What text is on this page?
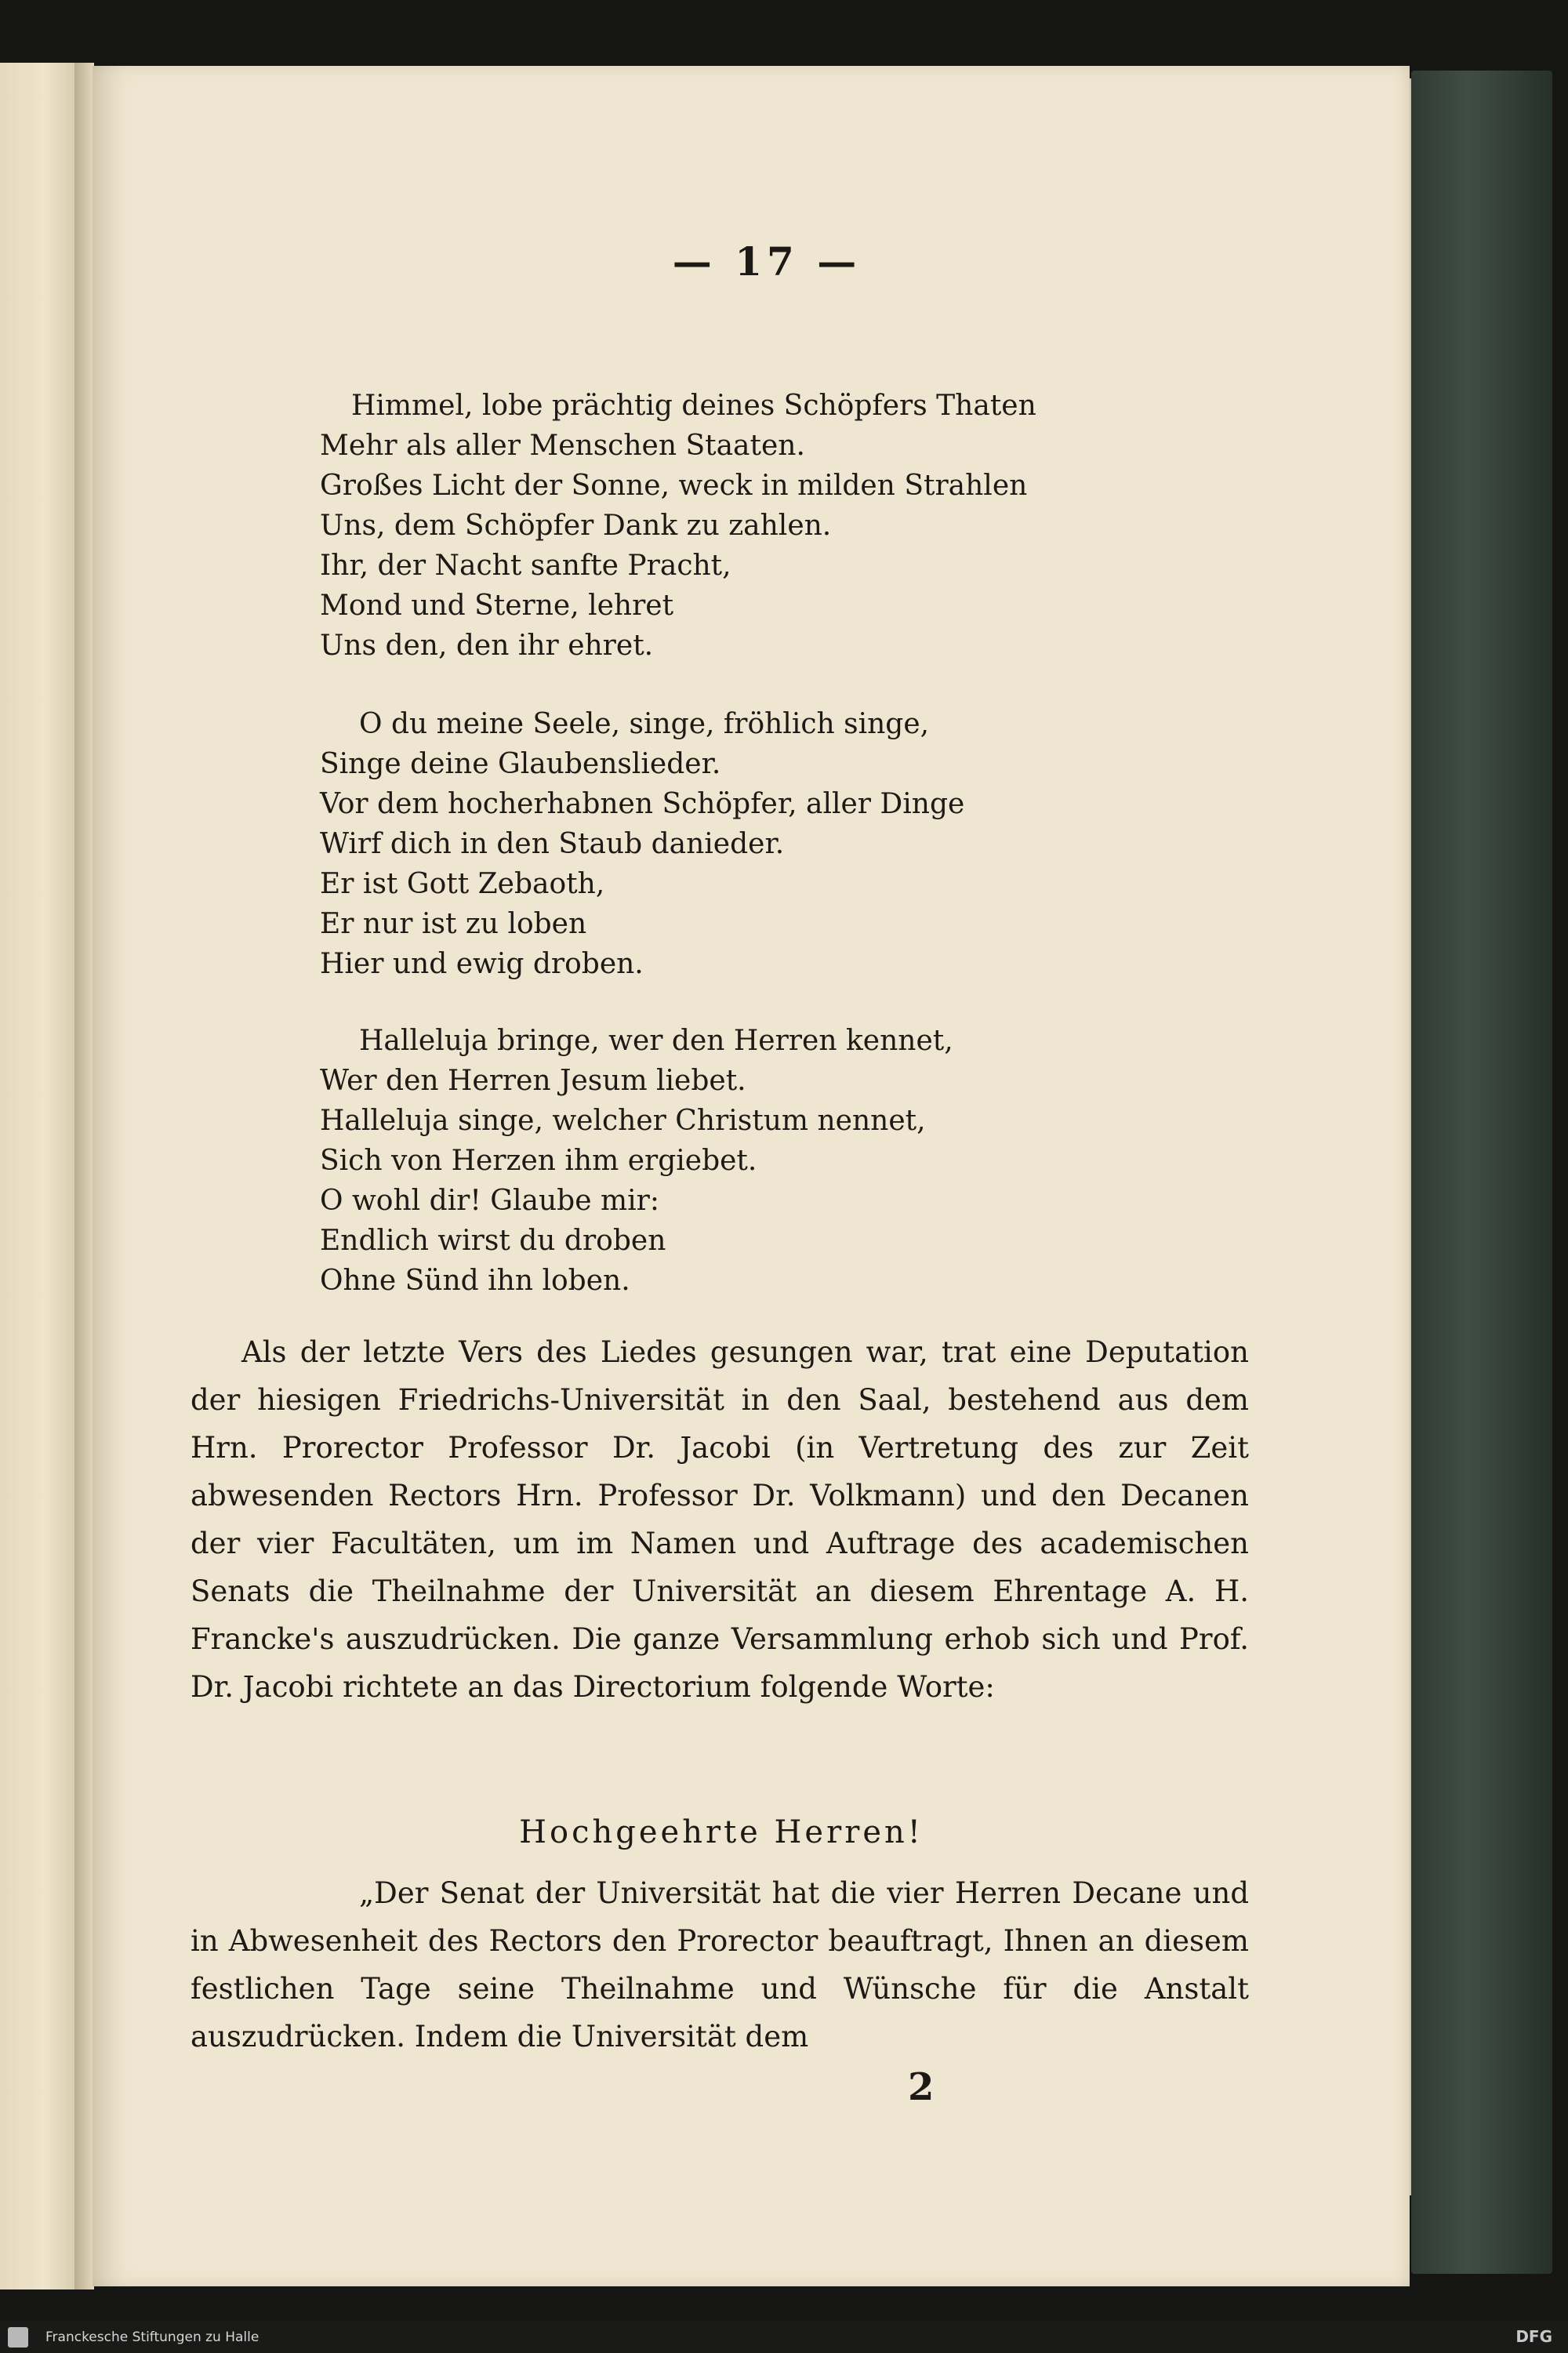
— 17 —
Himmel, lobe prächtig deines Schöpfers Thaten
Mehr als aller Menschen Staaten.
Großes Licht der Sonne, weck in milden Strahlen
Uns, dem Schöpfer Dank zu zahlen.
Ihr, der Nacht sanfte Pracht,
Mond und Sterne, lehret
Uns den, den ihr ehret.
O du meine Seele, singe, fröhlich singe,
Singe deine Glaubenslieder.
Vor dem hocherhabnen Schöpfer, aller Dinge
Wirf dich in den Staub danieder.
Er ist Gott Zebaoth,
Er nur ist zu loben
Hier und ewig droben.
Halleluja bringe, wer den Herren kennet,
Wer den Herren Jesum liebet.
Halleluja singe, welcher Christum nennet,
Sich von Herzen ihm ergiebet.
O wohl dir! Glaube mir:
Endlich wirst du droben
Ohne Sünd ihn loben.
Als der letzte Vers des Liedes gesungen war, trat eine Deputation der hiesigen Friedrichs-Universität in den Saal, bestehend aus dem Hrn. Prorector Professor Dr. Jacobi (in Vertretung des zur Zeit abwesenden Rectors Hrn. Professor Dr. Volkmann) und den Decanen der vier Facultäten, um im Namen und Auftrage des academischen Senats die Theilnahme der Universität an diesem Ehrentage A. H. Francke's auszudrücken. Die ganze Versammlung erhob sich und Prof. Dr. Jacobi richtete an das Directorium folgende Worte:
Hochgeehrte Herren!
„Der Senat der Universität hat die vier Herren Decane und in Abwesenheit des Rectors den Prorector beauftragt, Ihnen an diesem festlichen Tage seine Theilnahme und Wünsche für die Anstalt auszudrücken. Indem die Universität dem
2
Franckesche Stiftungen zu Halle	DFG
